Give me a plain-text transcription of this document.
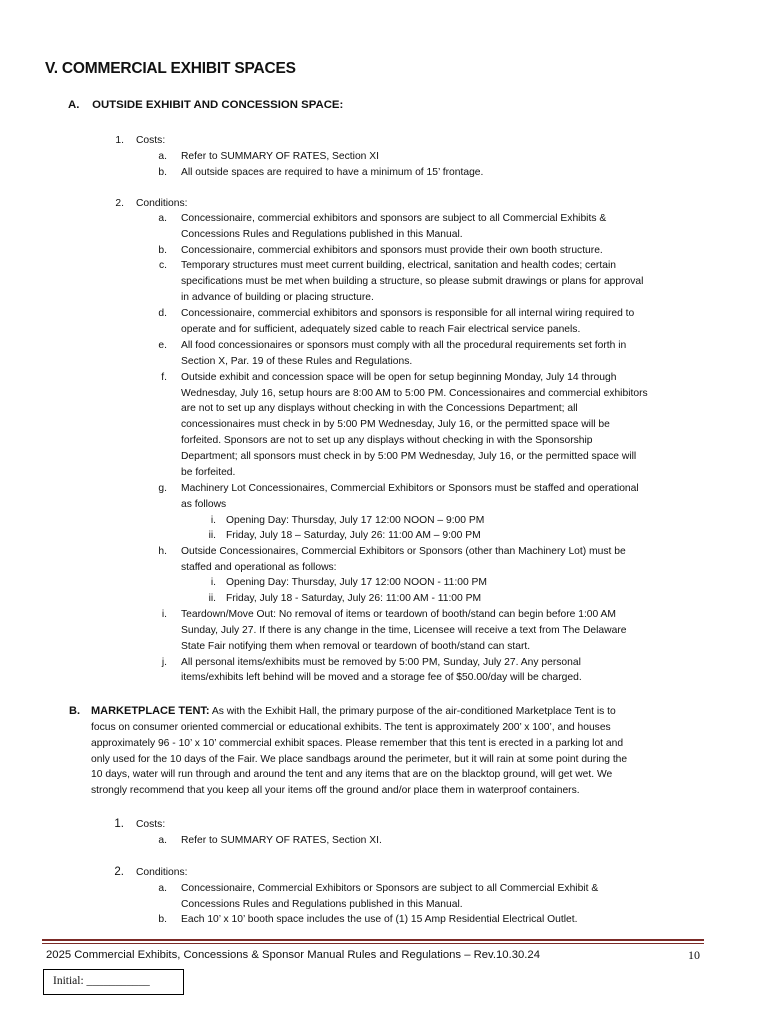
V. COMMERCIAL EXHIBIT SPACES
A. OUTSIDE EXHIBIT AND CONCESSION SPACE:
1. Costs:
a. Refer to SUMMARY OF RATES, Section XI
b. All outside spaces are required to have a minimum of 15’ frontage.
2. Conditions:
a. Concessionaire, commercial exhibitors and sponsors are subject to all Commercial Exhibits &
Concessions Rules and Regulations published in this Manual.
b. Concessionaire, commercial exhibitors and sponsors must provide their own booth structure.
c. Temporary structures must meet current building, electrical, sanitation and health codes; certain
specifications must be met when building a structure, so please submit drawings or plans for approval
in advance of building or placing structure.
d. Concessionaire, commercial exhibitors and sponsors is responsible for all internal wiring required to
operate and for sufficient, adequately sized cable to reach Fair electrical service panels.
e. All food concessionaires or sponsors must comply with all the procedural requirements set forth in
Section X, Par. 19 of these Rules and Regulations.
f. Outside exhibit and concession space will be open for setup beginning Monday, July 14 through
Wednesday, July 16, setup hours are 8:00 AM to 5:00 PM. Concessionaires and commercial exhibitors
are not to set up any displays without checking in with the Concessions Department; all
concessionaires must check in by 5:00 PM Wednesday, July 16, or the permitted space will be
forfeited. Sponsors are not to set up any displays without checking in with the Sponsorship
Department; all sponsors must check in by 5:00 PM Wednesday, July 16, or the permitted space will
be forfeited.
g. Machinery Lot Concessionaires, Commercial Exhibitors or Sponsors must be staffed and operational
as follows
i. Opening Day: Thursday, July 17 12:00 NOON – 9:00 PM
ii. Friday, July 18 – Saturday, July 26: 11:00 AM – 9:00 PM
h. Outside Concessionaires, Commercial Exhibitors or Sponsors (other than Machinery Lot) must be
staffed and operational as follows:
i. Opening Day: Thursday, July 17 12:00 NOON - 11:00 PM
ii. Friday, July 18 - Saturday, July 26: 11:00 AM - 11:00 PM
i. Teardown/Move Out: No removal of items or teardown of booth/stand can begin before 1:00 AM
Sunday, July 27. If there is any change in the time, Licensee will receive a text from The Delaware
State Fair notifying them when removal or teardown of booth/stand can start.
j. All personal items/exhibits must be removed by 5:00 PM, Sunday, July 27. Any personal
items/exhibits left behind will be moved and a storage fee of $50.00/day will be charged.
B. MARKETPLACE TENT: As with the Exhibit Hall, the primary purpose of the air-conditioned Marketplace Tent is to
focus on consumer oriented commercial or educational exhibits. The tent is approximately 200’ x 100’, and houses
approximately 96 - 10’ x 10’ commercial exhibit spaces. Please remember that this tent is erected in a parking lot and
only used for the 10 days of the Fair. We place sandbags around the perimeter, but it will rain at some point during the
10 days, water will run through and around the tent and any items that are on the blacktop ground, will get wet. We
strongly recommend that you keep all your items off the ground and/or place them in waterproof containers.
1. Costs:
a. Refer to SUMMARY OF RATES, Section XI.
2. Conditions:
a. Concessionaire, Commercial Exhibitors or Sponsors are subject to all Commercial Exhibit &
Concessions Rules and Regulations published in this Manual.
b. Each 10’ x 10’ booth space includes the use of (1) 15 Amp Residential Electrical Outlet.
2025 Commercial Exhibits, Concessions & Sponsor Manual Rules and Regulations – Rev.10.30.24	10
Initial: ___________
